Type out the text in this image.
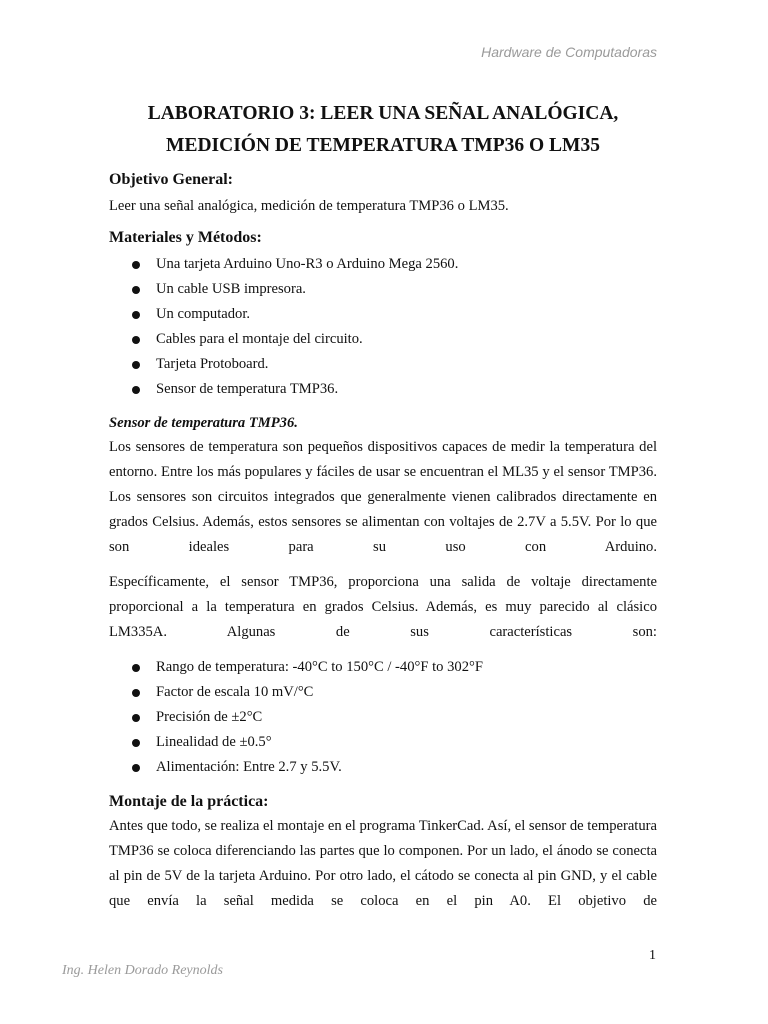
Hardware de Computadoras
LABORATORIO 3: LEER UNA SEÑAL ANALÓGICA,
MEDICIÓN DE TEMPERATURA TMP36 O LM35
Objetivo General:

Leer una señal analógica, medición de temperatura TMP36 o LM35.

Materiales y Métodos:
Una tarjeta Arduino Uno-R3 o Arduino Mega 2560.
Un cable USB impresora.
Un computador.
Cables para el montaje del circuito.
Tarjeta Protoboard.
Sensor de temperatura TMP36.
Sensor de temperatura TMP36.

Los sensores de temperatura son pequeños dispositivos capaces de medir la temperatura del entorno. Entre los más populares y fáciles de usar se encuentran el ML35 y el sensor TMP36. Los sensores son circuitos integrados que generalmente vienen calibrados directamente en grados Celsius. Además, estos sensores se alimentan con voltajes de 2.7V a 5.5V. Por lo que son ideales para su uso con Arduino.

Específicamente, el sensor TMP36, proporciona una salida de voltaje directamente proporcional a la temperatura en grados Celsius. Además, es muy parecido al clásico LM335A. Algunas de sus características son:

Rango de temperatura: -40°C to 150°C / -40°F to 302°F
Factor de escala 10 mV/°C
Precisión de ±2°C
Linealidad de ±0.5°
Alimentación: Entre 2.7 y 5.5V.
Montaje de la práctica:

Antes que todo, se realiza el montaje en el programa TinkerCad. Así, el sensor de temperatura TMP36 se coloca diferenciando las partes que lo componen. Por un lado, el ánodo se conecta al pin de 5V de la tarjeta Arduino. Por otro lado, el cátodo se conecta al pin GND, y el cable que envía la señal medida se coloca en el pin A0. El objetivo de

1
Ing. Helen Dorado Reynolds
